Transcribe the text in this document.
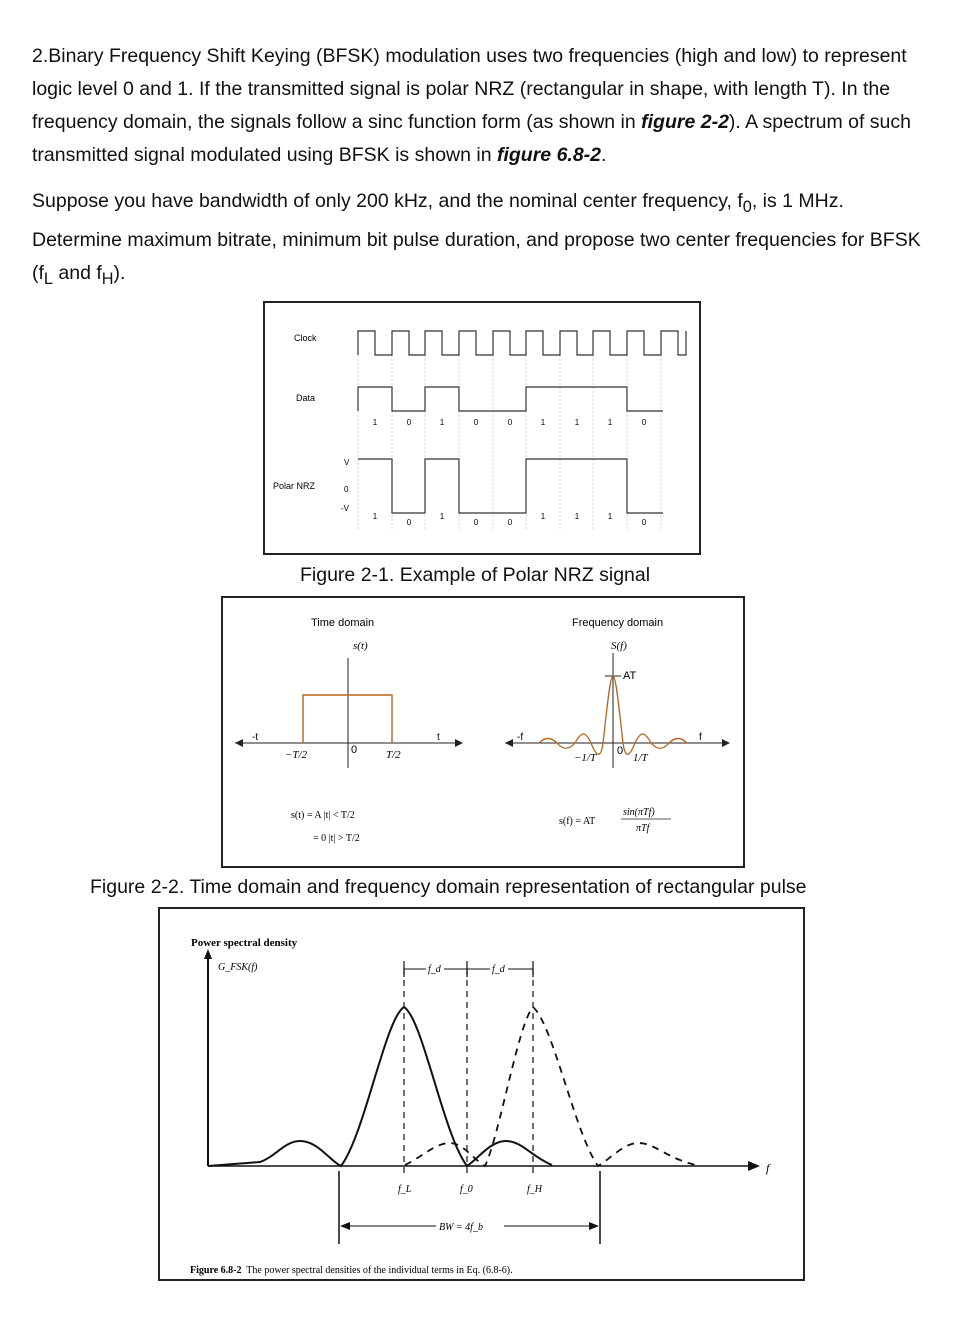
2.Binary Frequency Shift Keying (BFSK) modulation uses two frequencies (high and low) to represent logic level 0 and 1. If the transmitted signal is polar NRZ (rectangular in shape, with length T). In the frequency domain, the signals follow a sinc function form (as shown in figure 2-2). A spectrum of such transmitted signal modulated using BFSK is shown in figure 6.8-2.

Suppose you have bandwidth of only 200 kHz, and the nominal center frequency, $f_0$, is 1 MHz. Determine maximum bitrate, minimum bit pulse duration, and propose two center frequencies for BFSK ($f_L$ and $f_H$).

Clock
Data
Polar NRZ
1	0	1	0	0	1	1	1	0
V
0
-V
1
0
1
0	0
1	1	1
0

Figure 2-1. Example of Polar NRZ signal

Time domain
s(t)
-t	t
−T/2	0	T/2
s(t) = A |t| < T/2
= 0 |t| > T/2
Frequency domain
S(f)
AT
-f	f
−1/T
0
1/T
s(f) = AT
sin(πTf)
πTf

Figure 2-2. Time domain and frequency domain representation of rectangular pulse

Power spectral density
G_FSK(f)
f
f_d	f_d
BW = 4f_b
f_L	f_0	f_H
Figure 6.8-2  The power spectral densities of the individual terms in Eq. (6.8-6).
